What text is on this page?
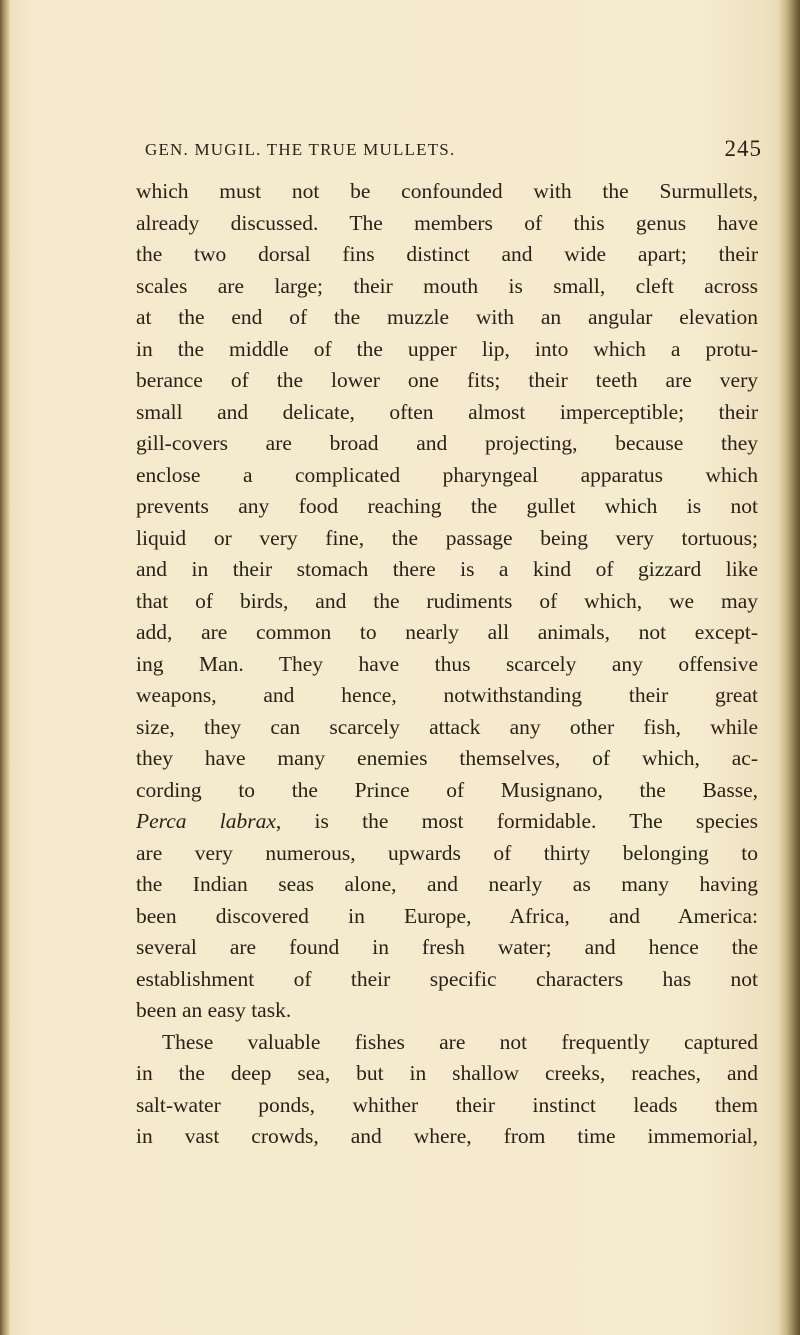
GEN. MUGIL. THE TRUE MULLETS.	245
which must not be confounded with the Surmullets,
already discussed. The members of this genus have
the two dorsal fins distinct and wide apart; their
scales are large; their mouth is small, cleft across
at the end of the muzzle with an angular elevation
in the middle of the upper lip, into which a protu-
berance of the lower one fits; their teeth are very
small and delicate, often almost imperceptible; their
gill-covers are broad and projecting, because they
enclose a complicated pharyngeal apparatus which
prevents any food reaching the gullet which is not
liquid or very fine, the passage being very tortuous;
and in their stomach there is a kind of gizzard like
that of birds, and the rudiments of which, we may
add, are common to nearly all animals, not except-
ing Man. They have thus scarcely any offensive
weapons, and hence, notwithstanding their great
size, they can scarcely attack any other fish, while
they have many enemies themselves, of which, ac-
cording to the Prince of Musignano, the Basse,
Perca labrax, is the most formidable. The species
are very numerous, upwards of thirty belonging to
the Indian seas alone, and nearly as many having
been discovered in Europe, Africa, and America:
several are found in fresh water; and hence the
establishment of their specific characters has not
been an easy task.
These valuable fishes are not frequently captured
in the deep sea, but in shallow creeks, reaches, and
salt-water ponds, whither their instinct leads them
in vast crowds, and where, from time immemorial,
